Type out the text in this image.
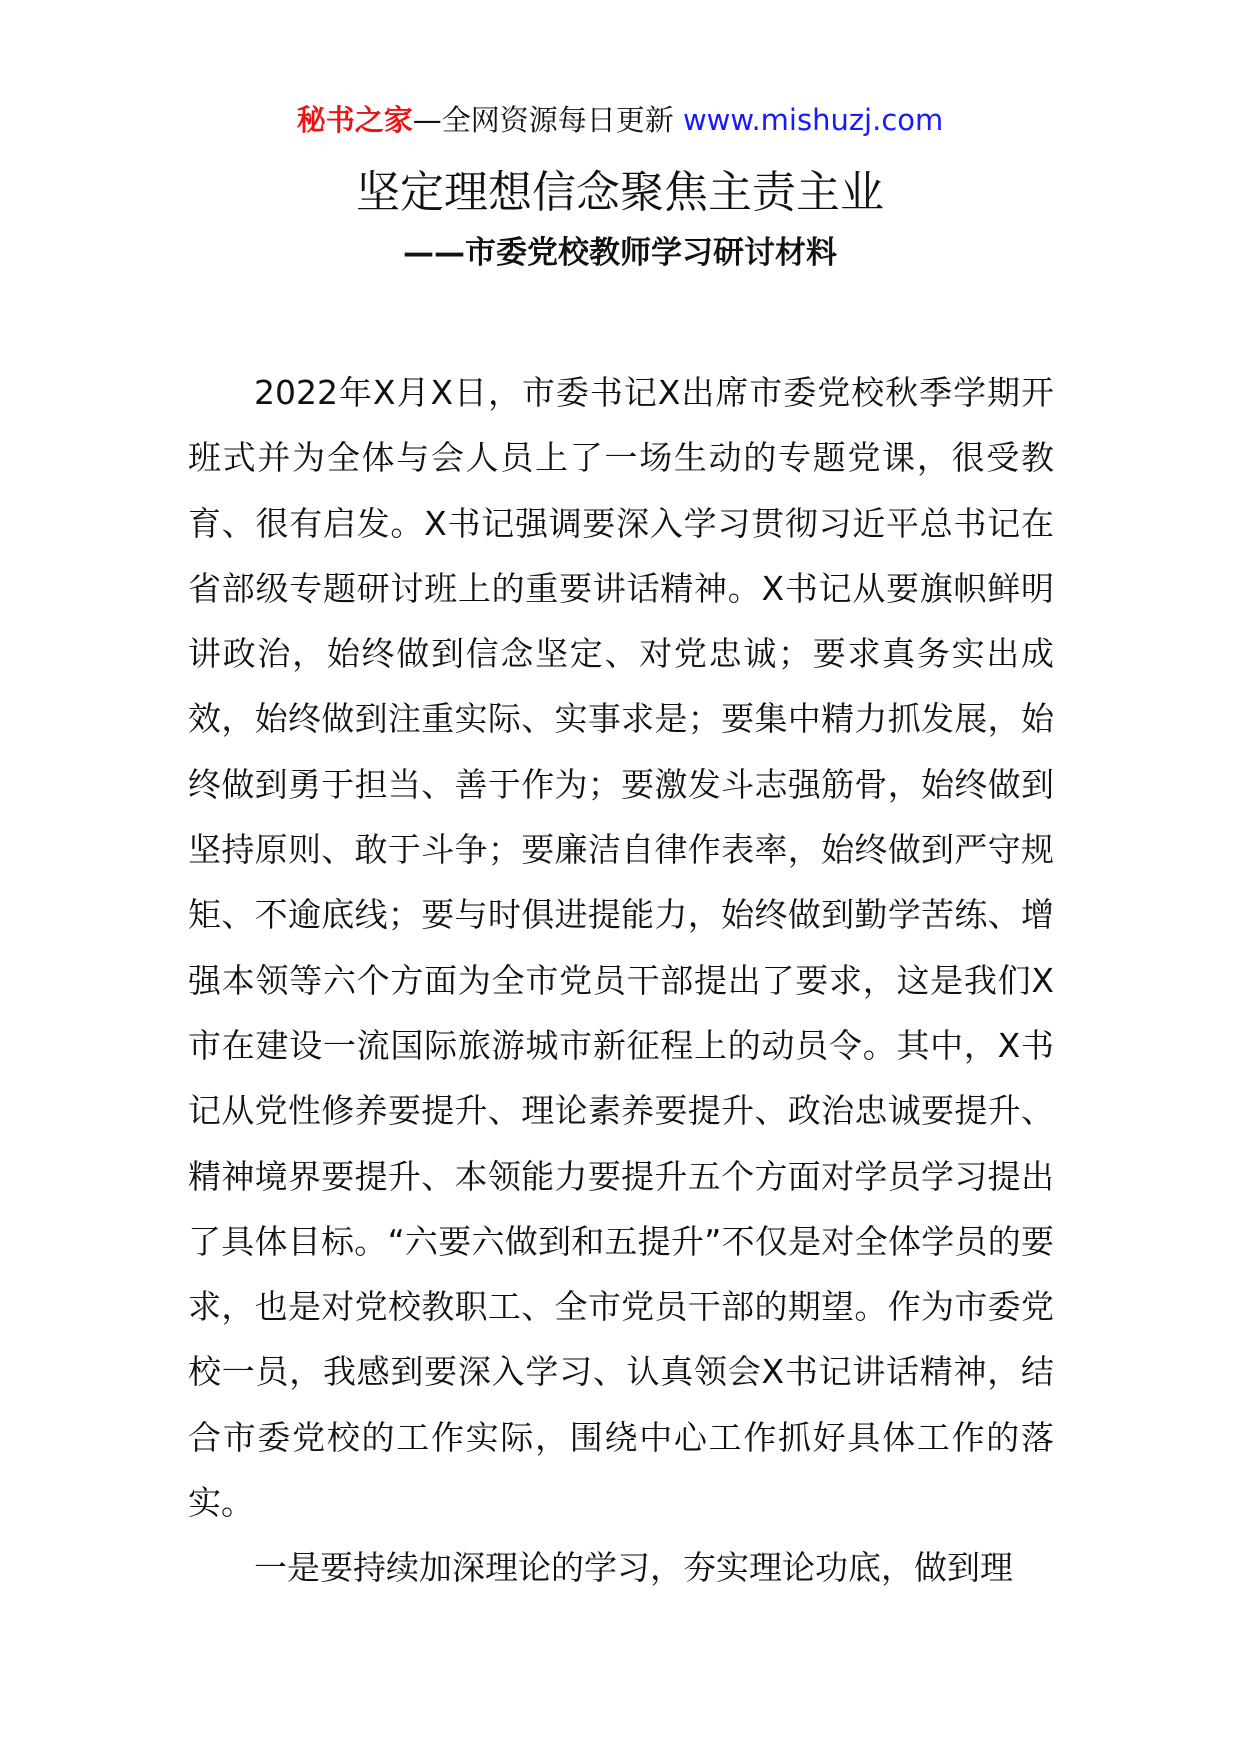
秘书之家—全网资源每日更新 www.mishuzj.com
坚定理想信念聚焦主责主业
——市委党校教师学习研讨材料

2022年X月X日，市委书记X出席市委党校秋季学期开班式并为全体与会人员上了一场生动的专题党课，很受教育、很有启发。X书记强调要深入学习贯彻习近平总书记在省部级专题研讨班上的重要讲话精神。X书记从要旗帜鲜明讲政治，始终做到信念坚定、对党忠诚；要求真务实出成效，始终做到注重实际、实事求是；要集中精力抓发展，始终做到勇于担当、善于作为；要激发斗志强筋骨，始终做到坚持原则、敢于斗争；要廉洁自律作表率，始终做到严守规矩、不逾底线；要与时俱进提能力，始终做到勤学苦练、增强本领等六个方面为全市党员干部提出了要求，这是我们X市在建设一流国际旅游城市新征程上的动员令。其中，X书记从党性修养要提升、理论素养要提升、政治忠诚要提升、精神境界要提升、本领能力要提升五个方面对学员学习提出了具体目标。“六要六做到和五提升”不仅是对全体学员的要求，也是对党校教职工、全市党员干部的期望。作为市委党校一员，我感到要深入学习、认真领会X书记讲话精神，结合市委党校的工作实际，围绕中心工作抓好具体工作的落实。

一是要持续加深理论的学习，夯实理论功底，做到理
